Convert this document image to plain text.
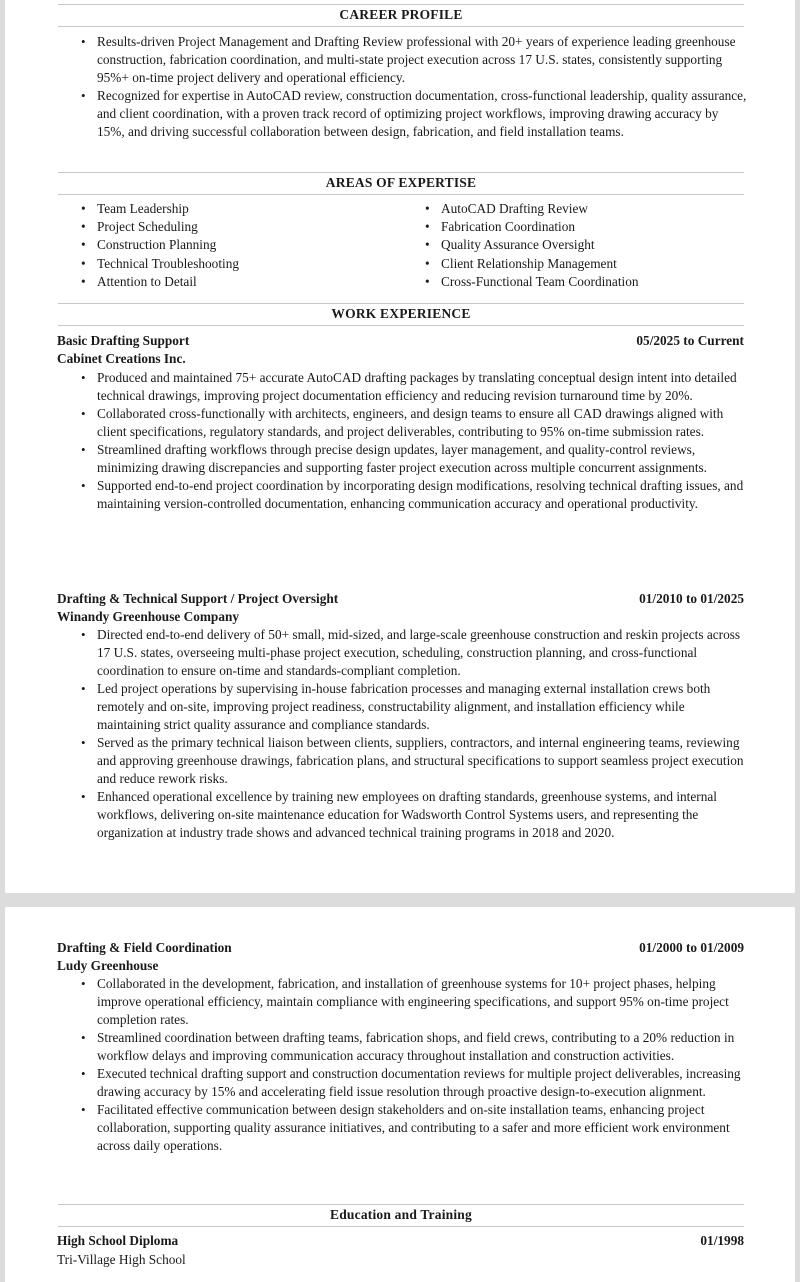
CAREER PROFILE
• Results-driven Project Management and Drafting Review professional with 20+ years of experience leading greenhouse construction, fabrication coordination, and multi-state project execution across 17 U.S. states, consistently supporting 95%+ on-time project delivery and operational efficiency.
• Recognized for expertise in AutoCAD review, construction documentation, cross-functional leadership, quality assurance, and client coordination, with a proven track record of optimizing project workflows, improving drawing accuracy by 15%, and driving successful collaboration between design, fabrication, and field installation teams.
AREAS OF EXPERTISE
• Team Leadership
• Project Scheduling
• Construction Planning
• Technical Troubleshooting
• Attention to Detail
• AutoCAD Drafting Review
• Fabrication Coordination
• Quality Assurance Oversight
• Client Relationship Management
• Cross-Functional Team Coordination
WORK EXPERIENCE
Basic Drafting Support	05/2025 to Current
Cabinet Creations Inc.
• Produced and maintained 75+ accurate AutoCAD drafting packages by translating conceptual design intent into detailed technical drawings, improving project documentation efficiency and reducing revision turnaround time by 20%.
• Collaborated cross-functionally with architects, engineers, and design teams to ensure all CAD drawings aligned with client specifications, regulatory standards, and project deliverables, contributing to 95% on-time submission rates.
• Streamlined drafting workflows through precise design updates, layer management, and quality-control reviews, minimizing drawing discrepancies and supporting faster project execution across multiple concurrent assignments.
• Supported end-to-end project coordination by incorporating design modifications, resolving technical drafting issues, and maintaining version-controlled documentation, enhancing communication accuracy and operational productivity.
Drafting & Technical Support / Project Oversight	01/2010 to 01/2025
Winandy Greenhouse Company
• Directed end-to-end delivery of 50+ small, mid-sized, and large-scale greenhouse construction and reskin projects across 17 U.S. states, overseeing multi-phase project execution, scheduling, construction planning, and cross-functional coordination to ensure on-time and standards-compliant completion.
• Led project operations by supervising in-house fabrication processes and managing external installation crews both remotely and on-site, improving project readiness, constructability alignment, and installation efficiency while maintaining strict quality assurance and compliance standards.
• Served as the primary technical liaison between clients, suppliers, contractors, and internal engineering teams, reviewing and approving greenhouse drawings, fabrication plans, and structural specifications to support seamless project execution and reduce rework risks.
• Enhanced operational excellence by training new employees on drafting standards, greenhouse systems, and internal workflows, delivering on-site maintenance education for Wadsworth Control Systems users, and representing the organization at industry trade shows and advanced technical training programs in 2018 and 2020.
Drafting & Field Coordination	01/2000 to 01/2009
Ludy Greenhouse
• Collaborated in the development, fabrication, and installation of greenhouse systems for 10+ project phases, helping improve operational efficiency, maintain compliance with engineering specifications, and support 95% on-time project completion rates.
• Streamlined coordination between drafting teams, fabrication shops, and field crews, contributing to a 20% reduction in workflow delays and improving communication accuracy throughout installation and construction activities.
• Executed technical drafting support and construction documentation reviews for multiple project deliverables, increasing drawing accuracy by 15% and accelerating field issue resolution through proactive design-to-execution alignment.
• Facilitated effective communication between design stakeholders and on-site installation teams, enhancing project collaboration, supporting quality assurance initiatives, and contributing to a safer and more efficient work environment across daily operations.
Education and Training
High School Diploma	01/1998
Tri-Village High School
